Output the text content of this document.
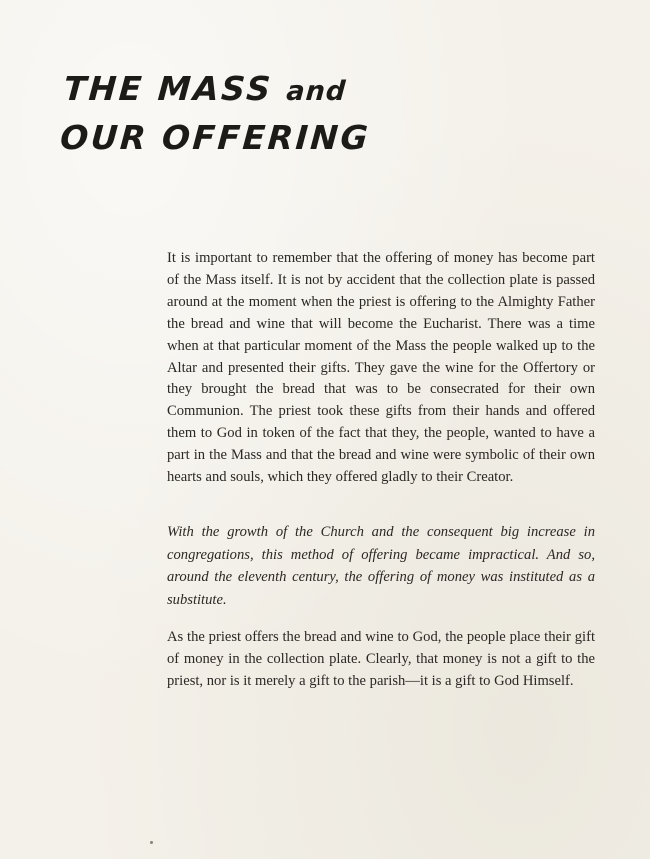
THE MASS and
OUR OFFERING

It is important to remember that the offering of money has become part of the Mass itself. It is not by accident that the collection plate is passed around at the moment when the priest is offering to the Almighty Father the bread and wine that will become the Eucharist. There was a time when at that particular moment of the Mass the people walked up to the Altar and presented their gifts. They gave the wine for the Offertory or they brought the bread that was to be consecrated for their own Communion. The priest took these gifts from their hands and offered them to God in token of the fact that they, the people, wanted to have a part in the Mass and that the bread and wine were symbolic of their own hearts and souls, which they offered gladly to their Creator.

With the growth of the Church and the consequent big increase in congregations, this method of offering became impractical. And so, around the eleventh century, the offering of money was instituted as a substitute.

As the priest offers the bread and wine to God, the people place their gift of money in the collection plate. Clearly, that money is not a gift to the priest, nor is it merely a gift to the parish—it is a gift to God Himself.
